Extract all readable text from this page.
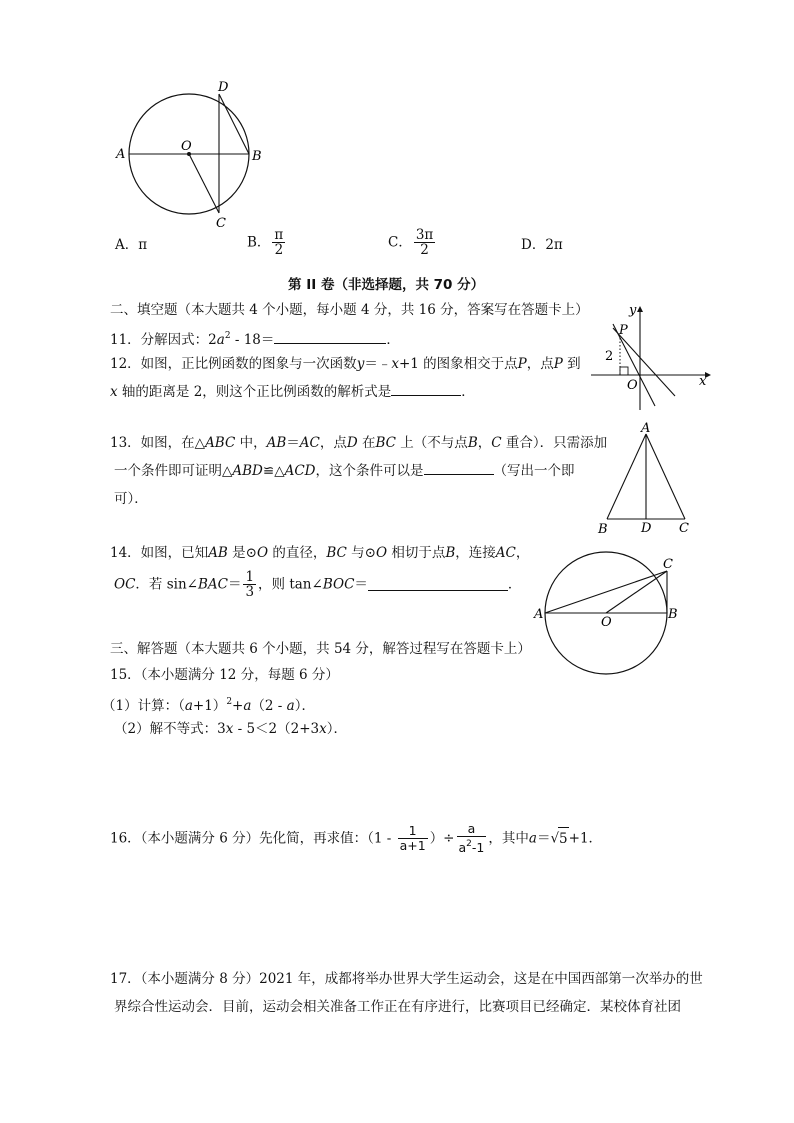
A
O
B
D
C
A．π	B． $\frac{\pi}{2}$	C． $\frac{3\pi}{2}$	D．2π
第 II 卷（非选择题，共 70 分）
二、填空题（本大题共 4 个小题，每小题 4 分，共 16 分，答案写在答题卡上）
11．分解因式：$2a^2 - 18=$	．
12．如图，正比例函数的图象与一次函数y＝﹣x+1 的图象相交于点P，点P 到
x 轴的距离是 2，则这个正比例函数的解析式是	．
y
x
P
O
2
13．如图，在△ABC 中，AB＝AC，点D 在BC 上（不与点B，C 重合）．只需添加
一个条件即可证明△ABD≌△ACD，这个条件可以是	（写出一个即
可）．
A
B	D C
14．如图，已知AB 是⊙O 的直径，BC 与⊙O 相切于点B，连接AC，
OC．若 sin∠BAC＝ $\frac{1}{3}$ ，则 tan∠BOC＝	．
A
O
B
C
三、解答题（本大题共 6 个小题，共 54 分，解答过程写在答题卡上）
15．（本小题满分 12 分，每题 6 分）
（1）计算：$(a+1)^2+a(2 - a)$．
（2）解不等式：3x - 5＜2（2+3x）．
16．（本小题满分 6 分）先化简，再求值：（$1 - \frac{1}{a+1}$ ）÷ $\frac{a}{a^2-1}$ ，其中a＝√5+1．
17．（本小题满分 8 分）2021 年，成都将举办世界大学生运动会，这是在中国西部第一次举办的世
界综合性运动会．目前，运动会相关准备工作正在有序进行，比赛项目已经确定．某校体育社团
